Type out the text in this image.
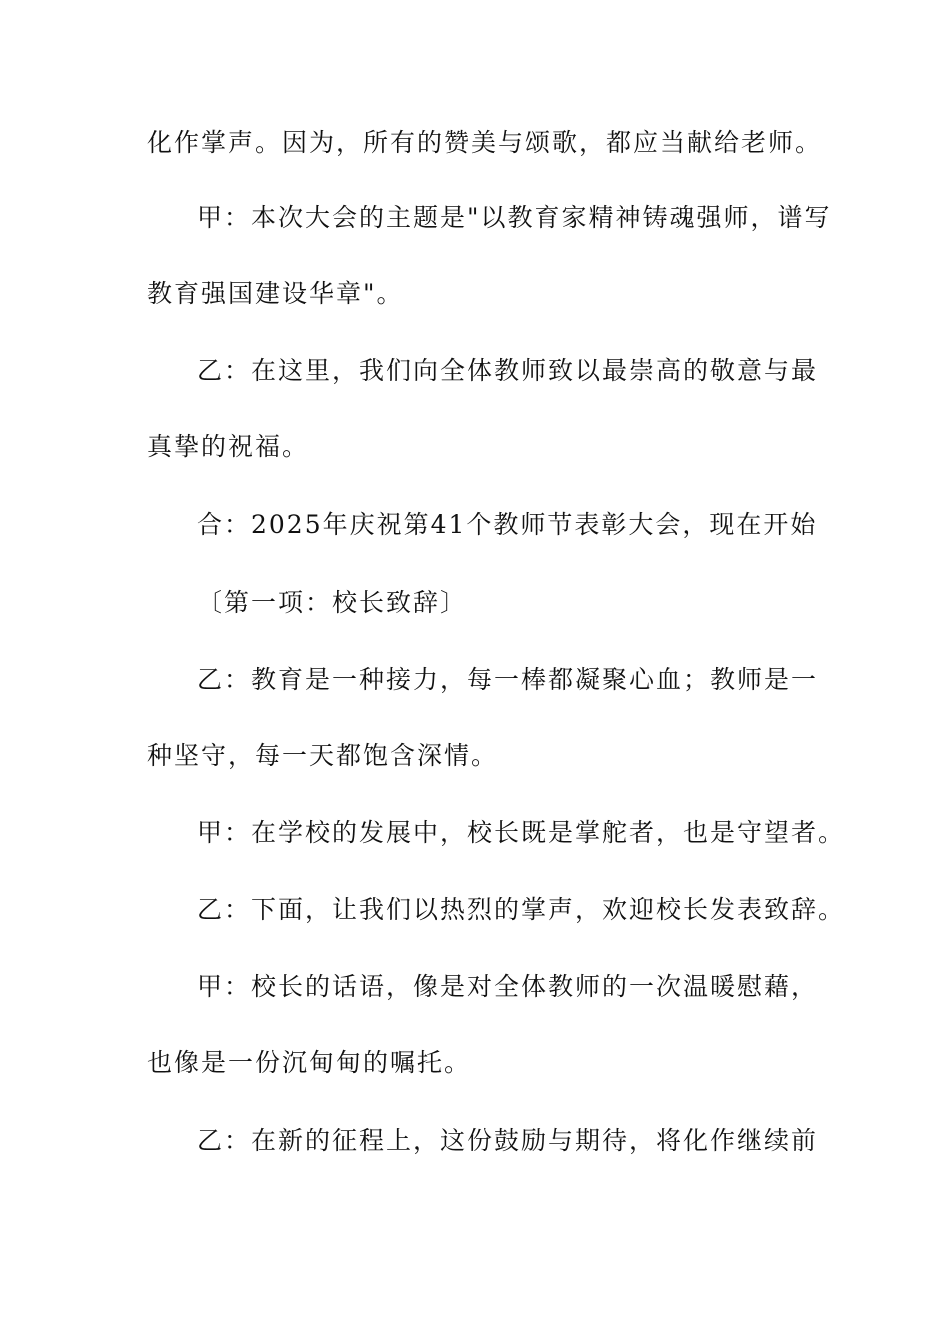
化作掌声。因为，所有的赞美与颂歌，都应当献给老师。
甲：本次大会的主题是"以教育家精神铸魂强师，谱写
教育强国建设华章"。
乙：在这里，我们向全体教师致以最崇高的敬意与最
真挚的祝福。
合：2025年庆祝第41个教师节表彰大会，现在开始
〔第一项：校长致辞〕
乙：教育是一种接力，每一棒都凝聚心血；教师是一
种坚守，每一天都饱含深情。
甲：在学校的发展中，校长既是掌舵者，也是守望者。
乙：下面，让我们以热烈的掌声，欢迎校长发表致辞。
甲：校长的话语，像是对全体教师的一次温暖慰藉，
也像是一份沉甸甸的嘱托。
乙：在新的征程上，这份鼓励与期待，将化作继续前
